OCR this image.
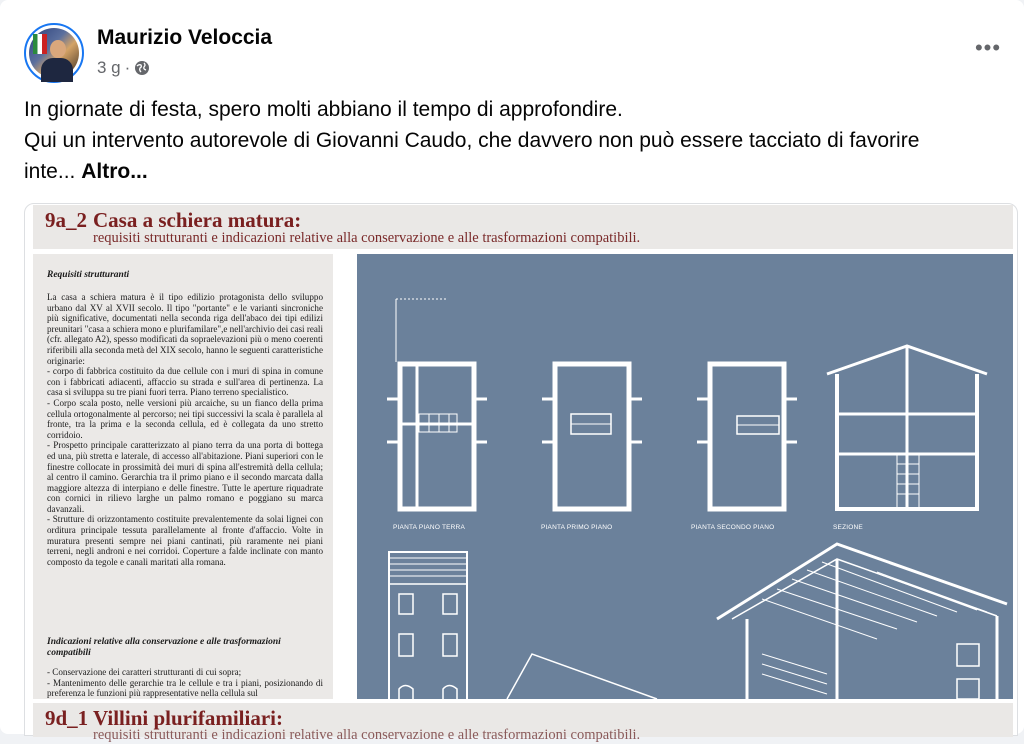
Maurizio Veloccia
3 g ·
•••
In giornate di festa, spero molti abbiano il tempo di approfondire.
Qui un intervento autorevole di Giovanni Caudo, che davvero non può essere tacciato di favorire
inte... Altro...
9a_2 Casa a schiera matura:
requisiti strutturanti e indicazioni relative alla conservazione e alle trasformazioni compatibili.
Requisiti strutturanti
La casa a schiera matura è il tipo edilizio protagonista dello sviluppo urbano dal XV al XVII secolo. Il tipo "portante" e le varianti sincroniche più significative, documentati nella seconda riga dell'abaco dei tipi edilizi preunitari "casa a schiera mono e plurifamilare",e nell'archivio dei casi reali (cfr. allegato A2), spesso modificati da sopraelevazioni più o meno coerenti riferibili alla seconda metà del XIX secolo, hanno le seguenti caratteristiche originarie:
- corpo di fabbrica costituito da due cellule con i muri di spina in comune con i fabbricati adiacenti, affaccio su strada e sull'area di pertinenza. La casa si sviluppa su tre piani fuori terra. Piano terreno specialistico.
- Corpo scala posto, nelle versioni più arcaiche, su un fianco della prima cellula ortogonalmente al percorso; nei tipi successivi la scala è parallela al fronte, tra la prima e la seconda cellula, ed è collegata da uno stretto corridoio.
- Prospetto principale caratterizzato al piano terra da una porta di bottega ed una, più stretta e laterale, di accesso all'abitazione. Piani superiori con le finestre collocate in prossimità dei muri di spina all'estremità della cellula; al centro il camino. Gerarchia tra il primo piano e il secondo marcata dalla maggiore altezza di interpiano e delle finestre. Tutte le aperture riquadrate con cornici in rilievo larghe un palmo romano e poggiano su marca davanzali.
- Strutture di orizzontamento costituite prevalentemente da solai lignei con orditura principale tessuta parallelamente al fronte d'affaccio. Volte in muratura presenti sempre nei piani cantinati, più raramente nei piani terreni, negli androni e nei corridoi. Coperture a falde inclinate con manto composto da tegole e canali maritati alla romana.
Indicazioni relative alla conservazione e alle trasformazioni compatibili
- Conservazione dei caratteri strutturanti di cui sopra;
- Mantenimento delle gerarchie tra le cellule e tra i piani, posizionando di preferenza le funzioni più rappresentative nella cellula sul
PIANTA PIANO TERRA	PIANTA PRIMO PIANO	PIANTA SECONDO PIANO	SEZIONE
9d_1 Villini plurifamiliari:
requisiti strutturanti e indicazioni relative alla conservazione e alle trasformazioni compatibili.
